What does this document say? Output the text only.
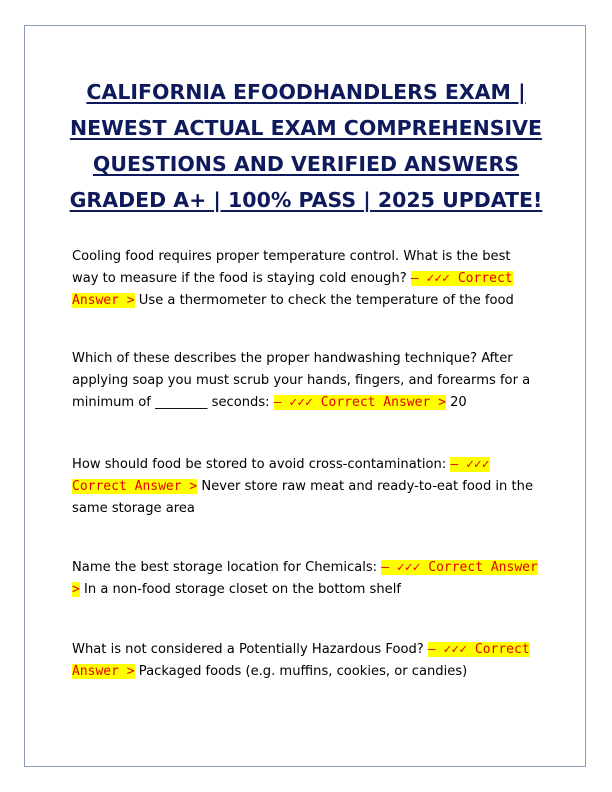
CALIFORNIA EFOODHANDLERS EXAM | NEWEST ACTUAL EXAM COMPREHENSIVE QUESTIONS AND VERIFIED ANSWERS GRADED A+ | 100% PASS | 2025 UPDATE!

Cooling food requires proper temperature control. What is the best way to measure if the food is staying cold enough? – ✓✓✓ Correct Answer > Use a thermometer to check the temperature of the food

Which of these describes the proper handwashing technique? After applying soap you must scrub your hands, fingers, and forearms for a minimum of ________ seconds: – ✓✓✓ Correct Answer > 20

How should food be stored to avoid cross-contamination: – ✓✓✓ Correct Answer > Never store raw meat and ready-to-eat food in the same storage area

Name the best storage location for Chemicals: – ✓✓✓ Correct Answer > In a non-food storage closet on the bottom shelf

What is not considered a Potentially Hazardous Food? – ✓✓✓ Correct Answer > Packaged foods (e.g. muffins, cookies, or candies)
